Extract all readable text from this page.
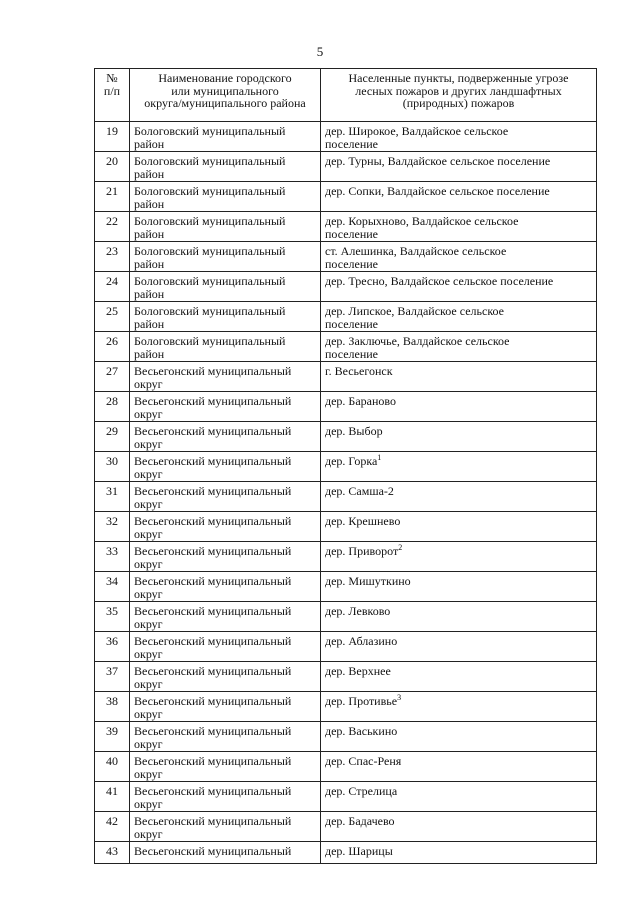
5
№
п/п	Наименование городского
или муниципального
округа/муниципального района	Населенные пункты, подверженные угрозе
лесных пожаров и других ландшафтных
(природных) пожаров

19	Бологовский муниципальный
район	дер. Широкое, Валдайское сельское
поселение

20	Бологовский муниципальный
район	дер. Турны, Валдайское сельское поселение

21	Бологовский муниципальный
район	дер. Сопки, Валдайское сельское поселение

22	Бологовский муниципальный
район	дер. Корыхново, Валдайское сельское
поселение

23	Бологовский муниципальный
район	ст. Алешинка, Валдайское сельское
поселение

24	Бологовский муниципальный
район	дер. Тресно, Валдайское сельское поселение

25	Бологовский муниципальный
район	дер. Липское, Валдайское сельское
поселение

26	Бологовский муниципальный
район	дер. Заключье, Валдайское сельское
поселение

27	Весьегонский муниципальный
округ	г. Весьегонск

28	Весьегонский муниципальный
округ	дер. Бараново

29	Весьегонский муниципальный
округ	дер. Выбор

30	Весьегонский муниципальный
округ	дер. Горка$^1$

31	Весьегонский муниципальный
округ	дер. Самша-2

32	Весьегонский муниципальный
округ	дер. Крешнево

33	Весьегонский муниципальный
округ	дер. Приворот$^2$

34	Весьегонский муниципальный
округ	дер. Мишуткино

35	Весьегонский муниципальный
округ	дер. Левково

36	Весьегонский муниципальный
округ	дер. Аблазино

37	Весьегонский муниципальный
округ	дер. Верхнее

38	Весьегонский муниципальный
округ	дер. Противье$^3$

39	Весьегонский муниципальный
округ	дер. Васькино

40	Весьегонский муниципальный
округ	дер. Спас-Реня

41	Весьегонский муниципальный
округ	дер. Стрелица

42	Весьегонский муниципальный
округ	дер. Бадачево

43	Весьегонский муниципальный	дер. Шарицы
